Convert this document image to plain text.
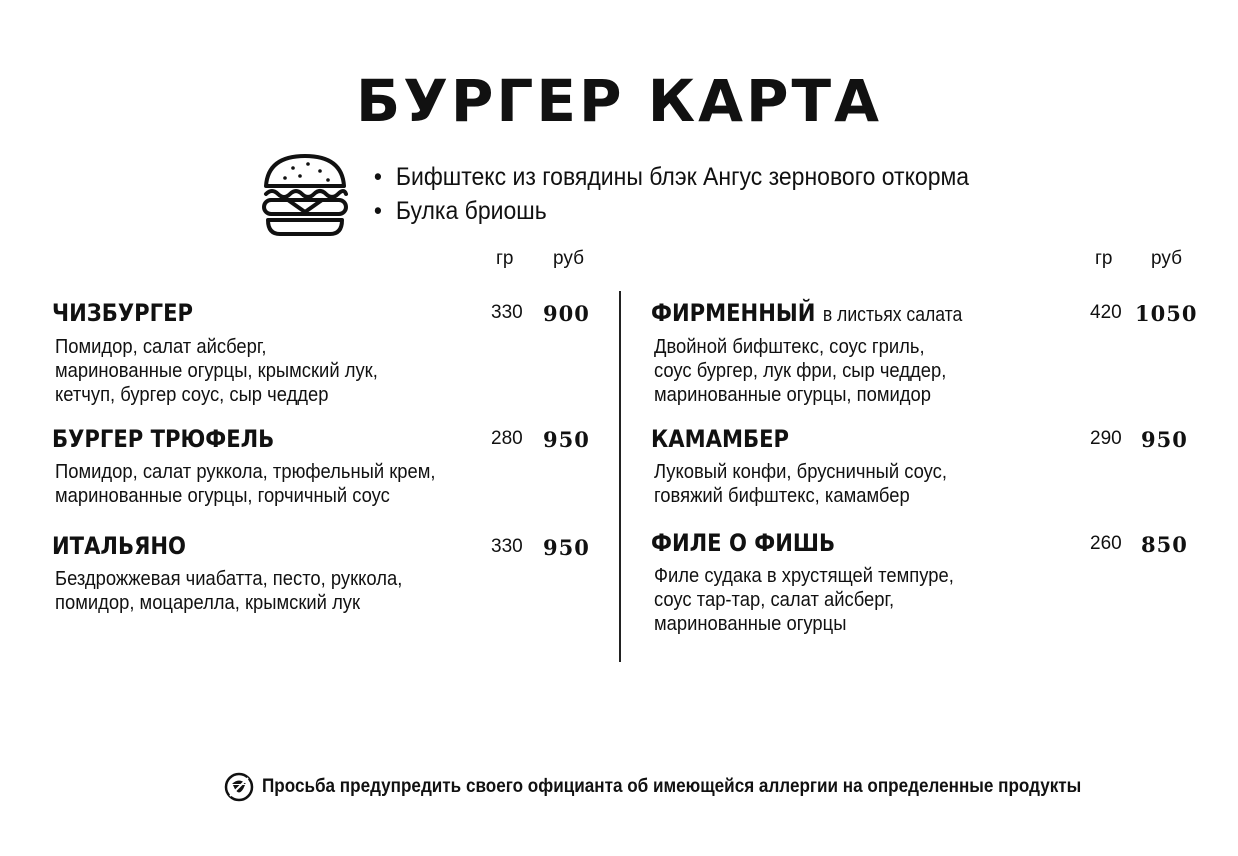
БУРГЕР КАРТА
• Бифштекс из говядины блэк Ангус зернового откорма
• Булка бриошь
гр руб	гр руб
ЧИЗБУРГЕР
Помидор, салат айсберг,
маринованные огурцы, крымский лук,
кетчуп, бургер соус, сыр чеддер
330 900
БУРГЕР ТРЮФЕЛЬ
Помидор, салат руккола, трюфельный крем,
маринованные огурцы, горчичный соус
280 950
ИТАЛЬЯНО
Бездрожжевая чиабатта, песто, руккола,
помидор, моцарелла, крымский лук
330 950
ФИРМЕННЫЙ в листьях салата
Двойной бифштекс, соус гриль,
соус бургер, лук фри, сыр чеддер,
маринованные огурцы, помидор
420 1050
КАМАМБЕР
Луковый конфи, брусничный соус,
говяжий бифштекс, камамбер
290 950
ФИЛЕ О ФИШЬ
Филе судака в хрустящей темпуре,
соус тар-тар, салат айсберг,
маринованные огурцы
260 850
Просьба предупредить своего официанта об имеющейся аллергии на определенные продукты
